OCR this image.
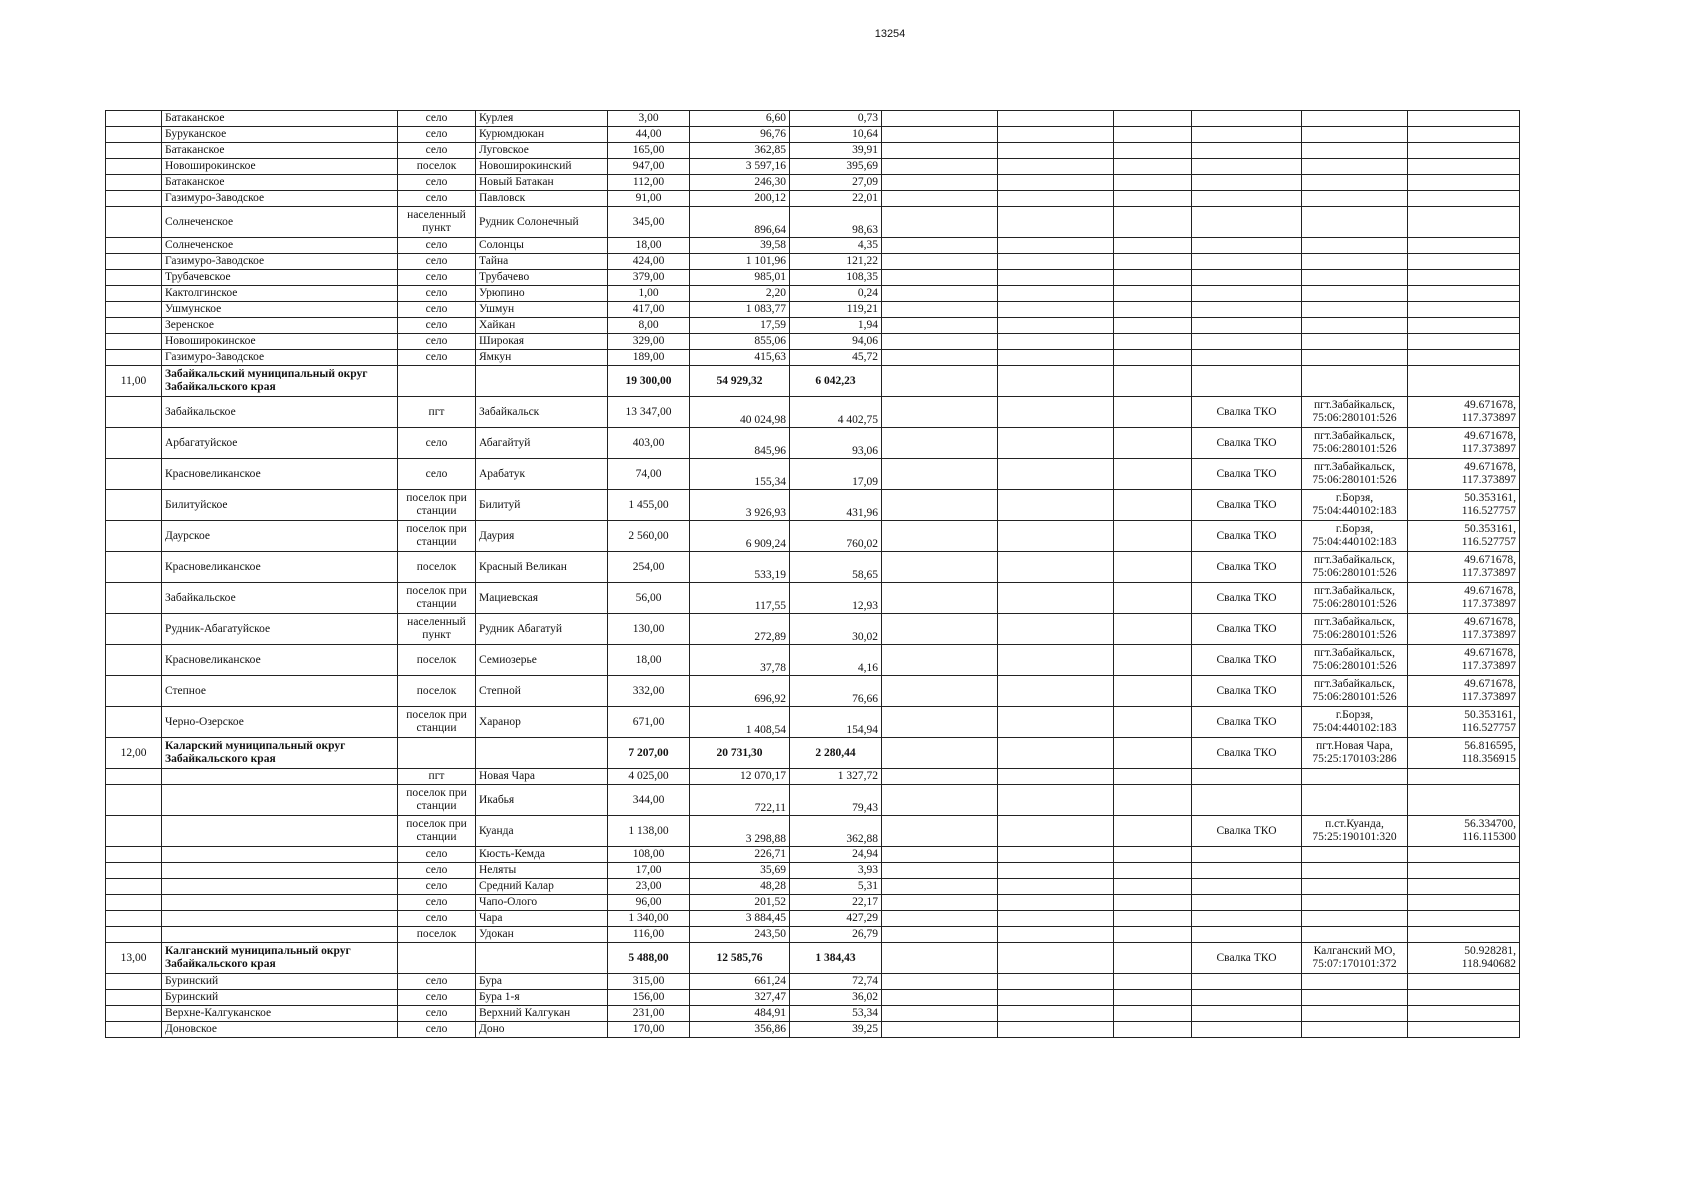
13254
	Батаканское	село	Курлея	3,00	6,60	0,73						
	Буруканское	село	Курюмдюкан	44,00	96,76	10,64						
	Батаканское	село	Луговское	165,00	362,85	39,91						
	Новоширокинское	поселок	Новоширокинский	947,00	3 597,16	395,69						
	Батаканское	село	Новый Батакан	112,00	246,30	27,09						
	Газимуро-Заводское	село	Павловск	91,00	200,12	22,01						
	Солнеченское	населенный пункт	Рудник Солонечный	345,00	896,64	98,63						
	Солнеченское	село	Солонцы	18,00	39,58	4,35						
	Газимуро-Заводское	село	Тайна	424,00	1 101,96	121,22						
	Трубачевское	село	Трубачево	379,00	985,01	108,35						
	Кактолгинское	село	Урюпино	1,00	2,20	0,24						
	Ушмунское	село	Ушмун	417,00	1 083,77	119,21						
	Зеренское	село	Хайкан	8,00	17,59	1,94						
	Новоширокинское	село	Широкая	329,00	855,06	94,06						
	Газимуро-Заводское	село	Ямкун	189,00	415,63	45,72						
11,00	Забайкальский муниципальный округ Забайкальского края			19 300,00	54 929,32	6 042,23						
	Забайкальское	пгт	Забайкальск	13 347,00	40 024,98	4 402,75				Свалка ТКО	пгт.Забайкальск, 75:06:280101:526	49.671678, 117.373897
	Арбагатуйское	село	Абагайтуй	403,00	845,96	93,06				Свалка ТКО	пгт.Забайкальск, 75:06:280101:526	49.671678, 117.373897
	Красновеликанское	село	Арабатук	74,00	155,34	17,09				Свалка ТКО	пгт.Забайкальск, 75:06:280101:526	49.671678, 117.373897
	Билитуйское	поселок при станции	Билитуй	1 455,00	3 926,93	431,96				Свалка ТКО	г.Борзя, 75:04:440102:183	50.353161, 116.527757
	Даурское	поселок при станции	Даурия	2 560,00	6 909,24	760,02				Свалка ТКО	г.Борзя, 75:04:440102:183	50.353161, 116.527757
	Красновеликанское	поселок	Красный Великан	254,00	533,19	58,65				Свалка ТКО	пгт.Забайкальск, 75:06:280101:526	49.671678, 117.373897
	Забайкальское	поселок при станции	Мациевская	56,00	117,55	12,93				Свалка ТКО	пгт.Забайкальск, 75:06:280101:526	49.671678, 117.373897
	Рудник-Абагатуйское	населенный пункт	Рудник Абагатуй	130,00	272,89	30,02				Свалка ТКО	пгт.Забайкальск, 75:06:280101:526	49.671678, 117.373897
	Красновеликанское	поселок	Семиозерье	18,00	37,78	4,16				Свалка ТКО	пгт.Забайкальск, 75:06:280101:526	49.671678, 117.373897
	Степное	поселок	Степной	332,00	696,92	76,66				Свалка ТКО	пгт.Забайкальск, 75:06:280101:526	49.671678, 117.373897
	Черно-Озерское	поселок при станции	Харанор	671,00	1 408,54	154,94				Свалка ТКО	г.Борзя, 75:04:440102:183	50.353161, 116.527757
12,00	Каларский муниципальный округ Забайкальского края			7 207,00	20 731,30	2 280,44				Свалка ТКО	пгт.Новая Чара, 75:25:170103:286	56.816595, 118.356915
		пгт	Новая Чара	4 025,00	12 070,17	1 327,72						
		поселок при станции	Икабья	344,00	722,11	79,43						
		поселок при станции	Куанда	1 138,00	3 298,88	362,88				Свалка ТКО	п.ст.Куанда, 75:25:190101:320	56.334700, 116.115300
		село	Кюсть-Кемда	108,00	226,71	24,94						
		село	Неляты	17,00	35,69	3,93						
		село	Средний Калар	23,00	48,28	5,31						
		село	Чапо-Олого	96,00	201,52	22,17						
		село	Чара	1 340,00	3 884,45	427,29						
		поселок	Удокан	116,00	243,50	26,79						
13,00	Калганский муниципальный округ Забайкальского края			5 488,00	12 585,76	1 384,43				Свалка ТКО	Калганский МО, 75:07:170101:372	50.928281, 118.940682
	Буринский	село	Бура	315,00	661,24	72,74						
	Буринский	село	Бура 1-я	156,00	327,47	36,02						
	Верхне-Калгуканское	село	Верхний Калгукан	231,00	484,91	53,34						
	Доновское	село	Доно	170,00	356,86	39,25						
